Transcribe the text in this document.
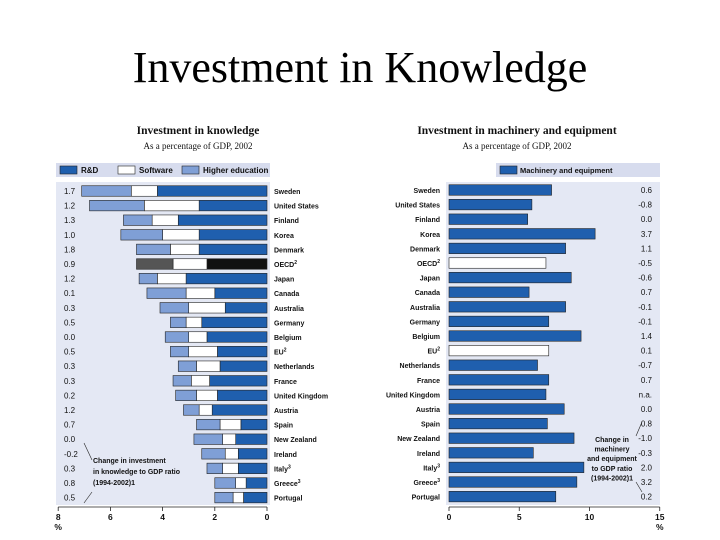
Investment in Knowledge
Investment in knowledge
As a percentage of GDP, 2002
R&D	Software	Higher education
8	6	4	2	0
%
1.7	Sweden
1.2	United States
1.3	Finland
1.0	Korea
1.8	Denmark
0.9	OECD$^2$
1.2	Japan
0.1	Canada
0.3	Australia
0.5	Germany
0.0	Belgium
0.5	$EU^2$
0.3	Netherlands
0.3	France
0.2	United Kingdom
1.2	Austria
0.7	Spain
0.0	New Zealand
-0.2	Ireland
0.3	Italy$^3$
0.8	Greece$^3$
0.5	Portugal
Change in investment
in knowledge to GDP ratio
(1994-2002)1
Investment in machinery and equipment
As a percentage of GDP, 2002
Machinery and equipment
0	5	10	15
%
Sweden	0.6
United States	-0.8
Finland	0.0
Korea	3.7
Denmark	1.1
OECD$^2$	-0.5
Japan	-0.6
Canada	0.7
Australia	-0.1
Germany	-0.1
Belgium	1.4
$EU^2$	0.1
Netherlands	-0.7
France	0.7
United Kingdom	n.a.
Austria	0.0
Spain	0.8
New Zealand	-1.0
Ireland	-0.3
Italy$^3$	2.0
Greece$^3$	3.2
Portugal	0.2
Change in
machinery
and equipment
to GDP ratio
(1994-2002)1
